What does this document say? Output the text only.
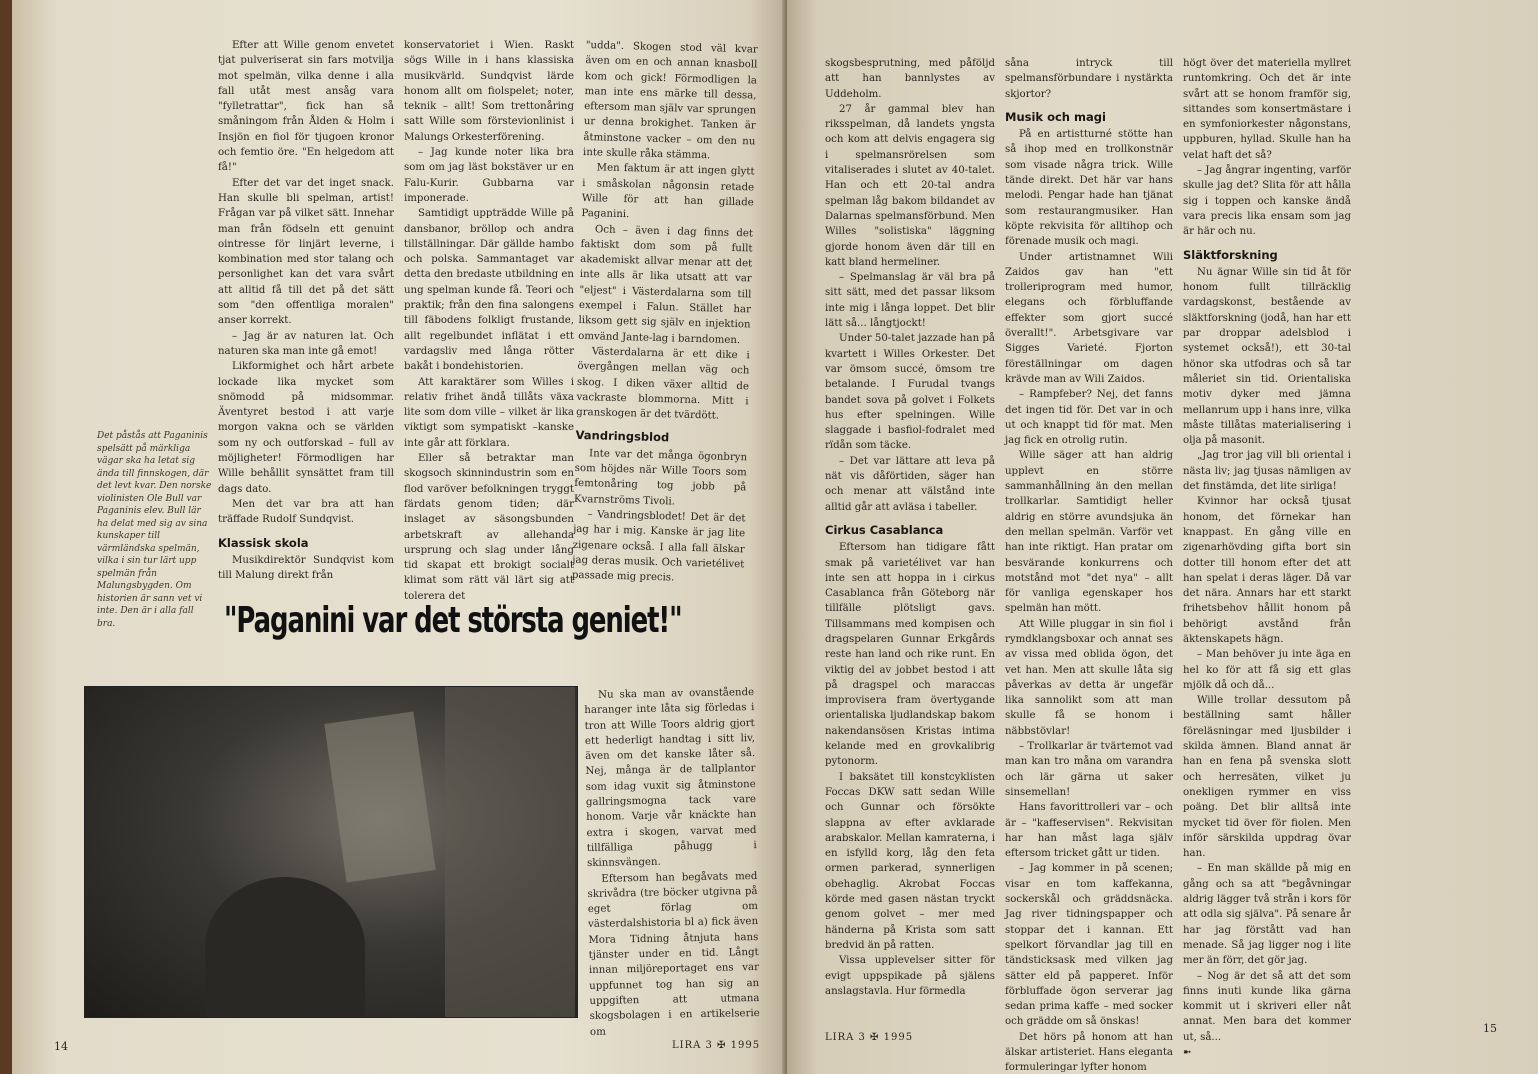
Efter att Wille genom envetet tjat pulveriserat sin fars motvilja mot spelmän, vilka denne i alla fall utåt mest ansåg vara "fylletrattar", fick han så småningom från Ålden & Holm i Insjön en fiol för tjugoen kronor och femtio öre. "En helgedom att få!"

Efter det var det inget snack. Han skulle bli spelman, artist! Frågan var på vilket sätt. Innehar man från födseln ett genuint ointresse för linjärt leverne, i kombination med stor talang och personlighet kan det vara svårt att alltid få till det på det sätt som "den offentliga moralen" anser korrekt.

– Jag är av naturen lat. Och naturen ska man inte gå emot!

Likformighet och hårt arbete lockade lika mycket som snömodd på midsommar. Äventyret bestod i att varje morgon vakna och se världen som ny och outforskad – full av möjligheter! Förmodligen har Wille behållit synsättet fram till dags dato.

Men det var bra att han träffade Rudolf Sundqvist.

Klassisk skola

Musikdirektör Sundqvist kom till Malung direkt från

konservatoriet i Wien. Raskt sögs Wille in i hans klassiska musikvärld. Sundqvist lärde honom allt om fiolspelet; noter, teknik – allt! Som trettonåring satt Wille som förstevionlinist i Malungs Orkesterförening.

– Jag kunde noter lika bra som om jag läst bokstäver ur en Falu-Kurir. Gubbarna var imponerade.

Samtidigt uppträdde Wille på dansbanor, bröllop och andra tillställningar. Där gällde hambo och polska. Sammantaget var detta den bredaste utbildning en ung spelman kunde få. Teori och praktik; från den fina salongens till fäbodens folkligt frustande, allt regelbundet inflätat i ett vardagsliv med långa rötter bakåt i bondehistorien.

Att karaktärer som Willes i relativ frihet ändå tillåts växa lite som dom ville – vilket är lika viktigt som sympatiskt –kanske inte går att förklara.

Eller så betraktar man skogsoch skinnindustrin som en flod varöver befolkningen tryggt färdats genom tiden; där inslaget av säsongsbunden arbetskraft av allehanda ursprung och slag under lång tid skapat ett brokigt socialt klimat som rätt väl lärt sig att tolerera det

"udda". Skogen stod väl kvar även om en och annan knasboll kom och gick! Förmodligen la man inte ens märke till dessa, eftersom man själv var sprungen ur denna brokighet. Tanken är åtminstone vacker – om den nu inte skulle råka stämma.

Men faktum är att ingen glytt i småskolan någonsin retade Wille för att han gillade Paganini.

Och – även i dag finns det faktiskt dom som på fullt akademiskt allvar menar att det inte alls är lika utsatt att var "eljest" i Västerdalarna som till exempel i Falun. Stället har liksom gett sig själv en injektion omvänd Jante-lag i barndomen.

Västerdalarna är ett dike i övergången mellan väg och skog. I diken växer alltid de vackraste blommorna. Mitt i granskogen är det tvärdött.

Vandringsblod

Inte var det många ögonbryn som höjdes när Wille Toors som femtonåring tog jobb på Kvarnströms Tivoli.

– Vandringsblodet! Det är det jag har i mig. Kanske är jag lite zigenare också. I alla fall älskar jag deras musik. Och varietélivet passade mig precis.

Det påstås att Paganinis spelsätt på märkliga vägar ska ha letat sig ända till finnskogen, där det levt kvar. Den norske violinisten Ole Bull var Paganinis elev. Bull lär ha delat med sig av sina kunskaper till värmländska spelmän, vilka i sin tur lärt upp spelmän från Malungsbygden. Om historien är sann vet vi inte. Den är i alla fall bra.	"Paganini var det största geniet!"

Nu ska man av ovanstående haranger inte låta sig förledas i tron att Wille Toors aldrig gjort ett hederligt handtag i sitt liv, även om det kanske låter så. Nej, många är de tallplantor som idag vuxit sig åtminstone gallringsmogna tack vare honom. Varje vår knäckte han extra i skogen, varvat med tillfälliga påhugg i skinnsvängen.

Eftersom han begåvats med skrivådra (tre böcker utgivna på eget förlag om västerdalshistoria bl a) fick även Mora Tidning åtnjuta hans tjänster under en tid. Långt innan miljöreportaget ens var uppfunnet tog han sig an uppgiften att utmana skogsbolagen i en artikelserie om

14	LIRA 3 ✠ 1995

skogsbesprutning, med påföljd att han bannlystes av Uddeholm.

27 år gammal blev han riksspelman, då landets yngsta och kom att delvis engagera sig i spelmansrörelsen som vitaliserades i slutet av 40-talet. Han och ett 20-tal andra spelman låg bakom bildandet av Dalarnas spelmansförbund. Men Willes "solistiska" läggning gjorde honom även där till en katt bland hermeliner.

– Spelmanslag är väl bra på sitt sätt, med det passar liksom inte mig i långa loppet. Det blir lätt så... långtjockt!

Under 50-talet jazzade han på kvartett i Willes Orkester. Det var ömsom succé, ömsom tre betalande. I Furudal tvangs bandet sova på golvet i Folkets hus efter spelningen. Wille slaggade i basfiol-fodralet med rïdån som täcke.

– Det var lättare att leva på nät vis dåförtiden, säger han och menar att välstånd inte alltid går att avläsa i tabeller.

Cirkus Casablanca

Eftersom han tidigare fått smak på varietélivet var han inte sen att hoppa in i cirkus Casablanca från Göteborg när tillfälle plötsligt gavs. Tillsammans med kompisen och dragspelaren Gunnar Erkgårds reste han land och rike runt. En viktig del av jobbet bestod i att på dragspel och maraccas improvisera fram övertygande orientaliska ljudlandskap bakom nakendansösen Kristas intima kelande med en grovkalibrig pytonorm.

I baksätet till konstcyklisten Foccas DKW satt sedan Wille och Gunnar och försökte slappna av efter avklarade arabskalor. Mellan kamraterna, i en isfylld korg, låg den feta ormen parkerad, synnerligen obehaglig. Akrobat Foccas körde med gasen nästan tryckt genom golvet – mer med händerna på Krista som satt bredvid än på ratten.

Vissa upplevelser sitter för evigt uppspikade på själens anslagstavla. Hur förmedla

såna intryck till spelmansförbundare i nystärkta skjortor?

Musik och magi

På en artistturné stötte han så ihop med en trollkonstnär som visade några trick. Wille tände direkt. Det här var hans melodi. Pengar hade han tjänat som restaurangmusiker. Han köpte rekvisita för alltihop och förenade musik och magi.

Under artistnamnet Wili Zaidos gav han "ett trolleriprogram med humor, elegans och förbluffande effekter som gjort succé överallt!". Arbetsgivare var Sigges Varieté. Fjorton föreställningar om dagen krävde man av Wili Zaidos.

– Rampfeber? Nej, det fanns det ingen tid för. Det var in och ut och knappt tid för mat. Men jag fick en otrolig rutin.

Wille säger att han aldrig upplevt en större sammanhållning än den mellan trollkarlar. Samtidigt heller aldrig en större avundsjuka än den mellan spelmän. Varför vet han inte riktigt. Han pratar om besvärande konkurrens och motstånd mot "det nya" – allt för vanliga egenskaper hos spelmän han mött.

Att Wille pluggar in sin fiol i rymdklangsboxar och annat ses av vissa med oblida ögon, det vet han. Men att skulle låta sig påverkas av detta är ungefär lika sannolikt som att man skulle få se honom i näbbstövlar!

– Trollkarlar är tvärtemot vad man kan tro måna om varandra och lär gärna ut saker sinsemellan!

Hans favorittrolleri var – och är – "kaffeservisen". Rekvisitan har han måst laga själv eftersom tricket gått ur tiden.

– Jag kommer in på scenen; visar en tom kaffekanna, sockerskål och gräddsnäcka. Jag river tidningspapper och stoppar det i kannan. Ett spelkort förvandlar jag till en tändsticksask med vilken jag sätter eld på papperet. Inför förbluffade ögon serverar jag sedan prima kaffe – med socker och grädde om så önskas!

Det hörs på honom att han älskar artisteriet. Hans eleganta formuleringar lyfter honom

högt över det materiella myllret runtomkring. Och det är inte svårt att se honom framför sig, sittandes som konsertmästare i en symfoniorkester någonstans, uppburen, hyllad. Skulle han ha velat haft det så?

– Jag ångrar ingenting, varför skulle jag det? Slita för att hålla sig i toppen och kanske ändå vara precis lika ensam som jag är här och nu.

Släktforskning

Nu ägnar Wille sin tid åt för honom fullt tillräcklig vardagskonst, bestående av släktforskning (jodå, han har ett par droppar adelsblod i systemet också!), ett 30-tal hönor ska utfodras och så tar måleriet sin tid. Orientaliska motiv dyker med jämna mellanrum upp i hans inre, vilka måste tillåtas materialisering i olja på masonit.

„Jag tror jag vill bli oriental i nästa liv; jag tjusas nämligen av det finstämda, det lite sirliga!

Kvinnor har också tjusat honom, det förnekar han knappast. En gång ville en zigenarhövding gifta bort sin dotter till honom efter det att han spelat i deras läger. Då var det nära. Annars har ett starkt frihetsbehov hållit honom på behörigt avstånd från äktenskapets hägn.

– Man behöver ju inte äga en hel ko för att få sig ett glas mjölk då och då...

Wille trollar dessutom på beställning samt håller föreläsningar med ljusbilder i skilda ämnen. Bland annat är han en fena på svenska slott och herresäten, vilket ju onekligen rymmer en viss poäng. Det blir alltså inte mycket tid över för fiolen. Men inför särskilda uppdrag övar han.

– En man skällde på mig en gång och sa att "begåvningar aldrig lägger två strån i kors för att odla sig själva". På senare år har jag förstått vad han menade. Så jag ligger nog i lite mer än förr, det gör jag.

– Nog är det så att det som finns inuti kunde lika gärna kommit ut i skriveri eller nåt annat. Men bara det kommer ut, så...

➼
LIRA 3 ✠ 1995
15
